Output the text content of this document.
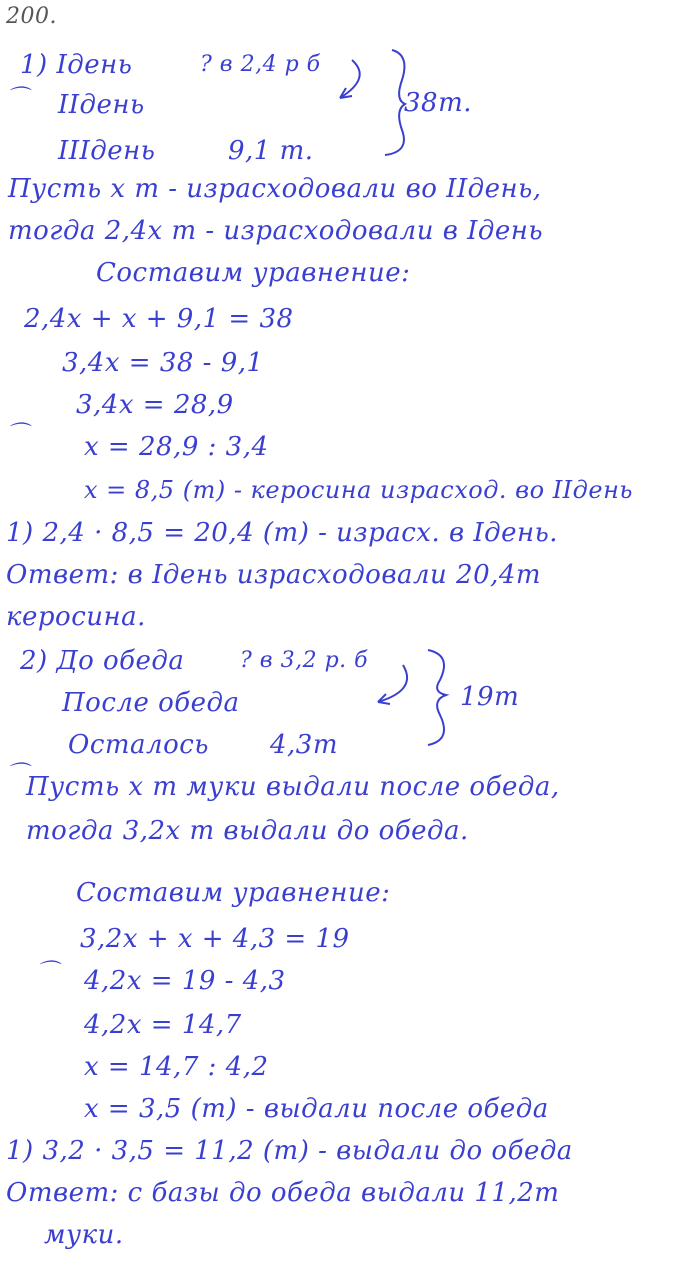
200.
1) Iдень	? в 2,4 р б
IIдень
IIIдень	9,1 т.
38т.
Пусть x т - израсходовали во IIдень,
тогда 2,4x т - израсходовали в Iдень
Составим уравнение:
2,4x + x + 9,1 = 38
3,4x = 38 - 9,1
3,4x = 28,9
x = 28,9 : 3,4
x = 8,5 (т) - керосина израсход. во IIдень
1) 2,4 · 8,5 = 20,4 (т) - израсх. в Iдень.
Ответ: в Iдень израсходовали 20,4т
керосина.
2) До обеда	? в 3,2 р. б
После обеда
Осталось 4,3т
19т
Пусть x т муки выдали после обеда,
тогда 3,2x т выдали до обеда.
Составим уравнение:
3,2x + x + 4,3 = 19
4,2x = 19 - 4,3
4,2x = 14,7
x = 14,7 : 4,2
x = 3,5 (т) - выдали после обеда
1) 3,2 · 3,5 = 11,2 (т) - выдали до обеда
Ответ: с базы до обеда выдали 11,2т
муки.
⌒
⌒
⌒
⌒
